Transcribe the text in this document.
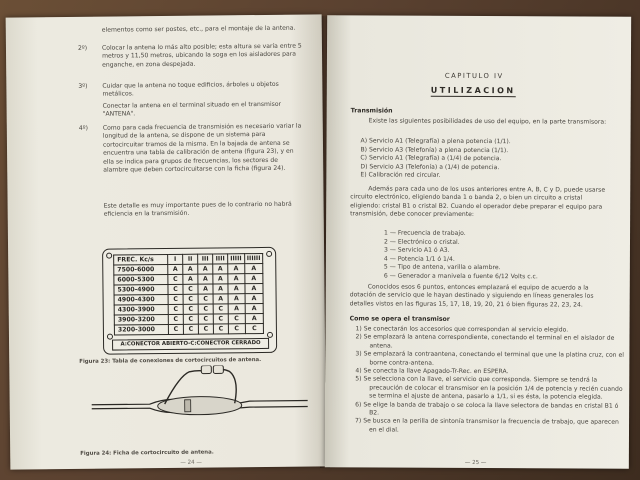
elementos como ser postes, etc., para el montaje de la antena.
2º) Colocar la antena lo más alto posible; esta altura se varía entre 5 metros y 11,50 metros, ubicando la soga en los aisladores para enganche, en zona despejada.
3º) Cuidar que la antena no toque edificios, árboles u objetos metálicos.
Conectar la antena en el terminal situado en el transmisor "ANTENA".
4º) Como para cada frecuencia de transmisión es necesario variar la longitud de la antena, se dispone de un sistema para cortocircuitar tramos de la misma. En la bajada de antena se encuentra una tabla de calibración de antena (figura 23), y en ella se indica para grupos de frecuencias, los sectores de alambre que deben cortocircuitarse con la ficha (figura 24).
Este detalle es muy importante pues de lo contrario no habrá eficiencia en la transmisión.
FREC. Kc/s	I	II	III	IIII	IIIII	IIIIII
7500-6000	A	A	A	A	A	A
6000-5300	C	A	A	A	A	A
5300-4900	C	C	A	A	A	A
4900-4300	C	C	C	A	A	A
4300-3900	C	C	C	C	A	A
3900-3200	C	C	C	C	C	A
3200-3000	C	C	C	C	C	C
A:CONECTOR ABIERTO-C:CONECTOR CERRADO
Figura 23: Tabla de conexiones de cortocircuitos de antena.
Figura 24: Ficha de cortocircuito de antena.
— 24 —
CAPITULO IV
UTILIZACION
Transmisión
Existe las siguientes posibilidades de uso del equipo, en la parte transmisora:
A) Servicio A1 (Telegrafía) a plena potencia (1/1).
B) Servicio A3 (Telefonía) a plena potencia (1/1).
C) Servicio A1 (Telegrafía) a (1/4) de potencia.
D) Servicio A3 (Telefonía) a (1/4) de potencia.
E) Calibración red circular.
Además para cada uno de los usos anteriores entre A, B, C y D, puede usarse circuito electrónico, eligiendo banda 1 o banda 2, o bien un circuito a cristal eligiendo: cristal B1 o cristal B2. Cuando el operador debe preparar el equipo para transmisión, debe conocer previamente:
1 — Frecuencia de trabajo.
2 — Electrónico o cristal.
3 — Servicio A1 ó A3.
4 — Potencia 1/1 ó 1/4.
5 — Tipo de antena, varilla o alambre.
6 — Generador a manivela o fuente 6/12 Volts c.c.
Conocidos esos 6 puntos, entonces emplazará el equipo de acuerdo a la dotación de servicio que le hayan destinado y siguiendo en líneas generales los detalles vistos en las figuras 15, 17, 18, 19, 20, 21 ó bien figuras 22, 23, 24.
Como se opera el transmisor

1) Se conectarán los accesorios que correspondan al servicio elegido.

2) Se emplazará la antena correspondiente, conectando el terminal en el aislador de antena.

3) Se emplazará la contraantena, conectando el terminal que une la platina cruz, con el borne contra-antena.

4) Se conecta la llave Apagado-Tr-Rec. en ESPERA.

5) Se selecciona con la llave, el servicio que corresponda. Siempre se tendrá la precaución de colocar el transmisor en la posición 1/4 de potencia y recién cuando se termina el ajuste de antena, pasarlo a 1/1, si es ésta, la potencia elegida.

6) Se elige la banda de trabajo o se coloca la llave selectora de bandas en cristal B1 ó B2.

7) Se busca en la perilla de sintonía transmisor la frecuencia de trabajo, que aparecen en el dial.

— 25 —
